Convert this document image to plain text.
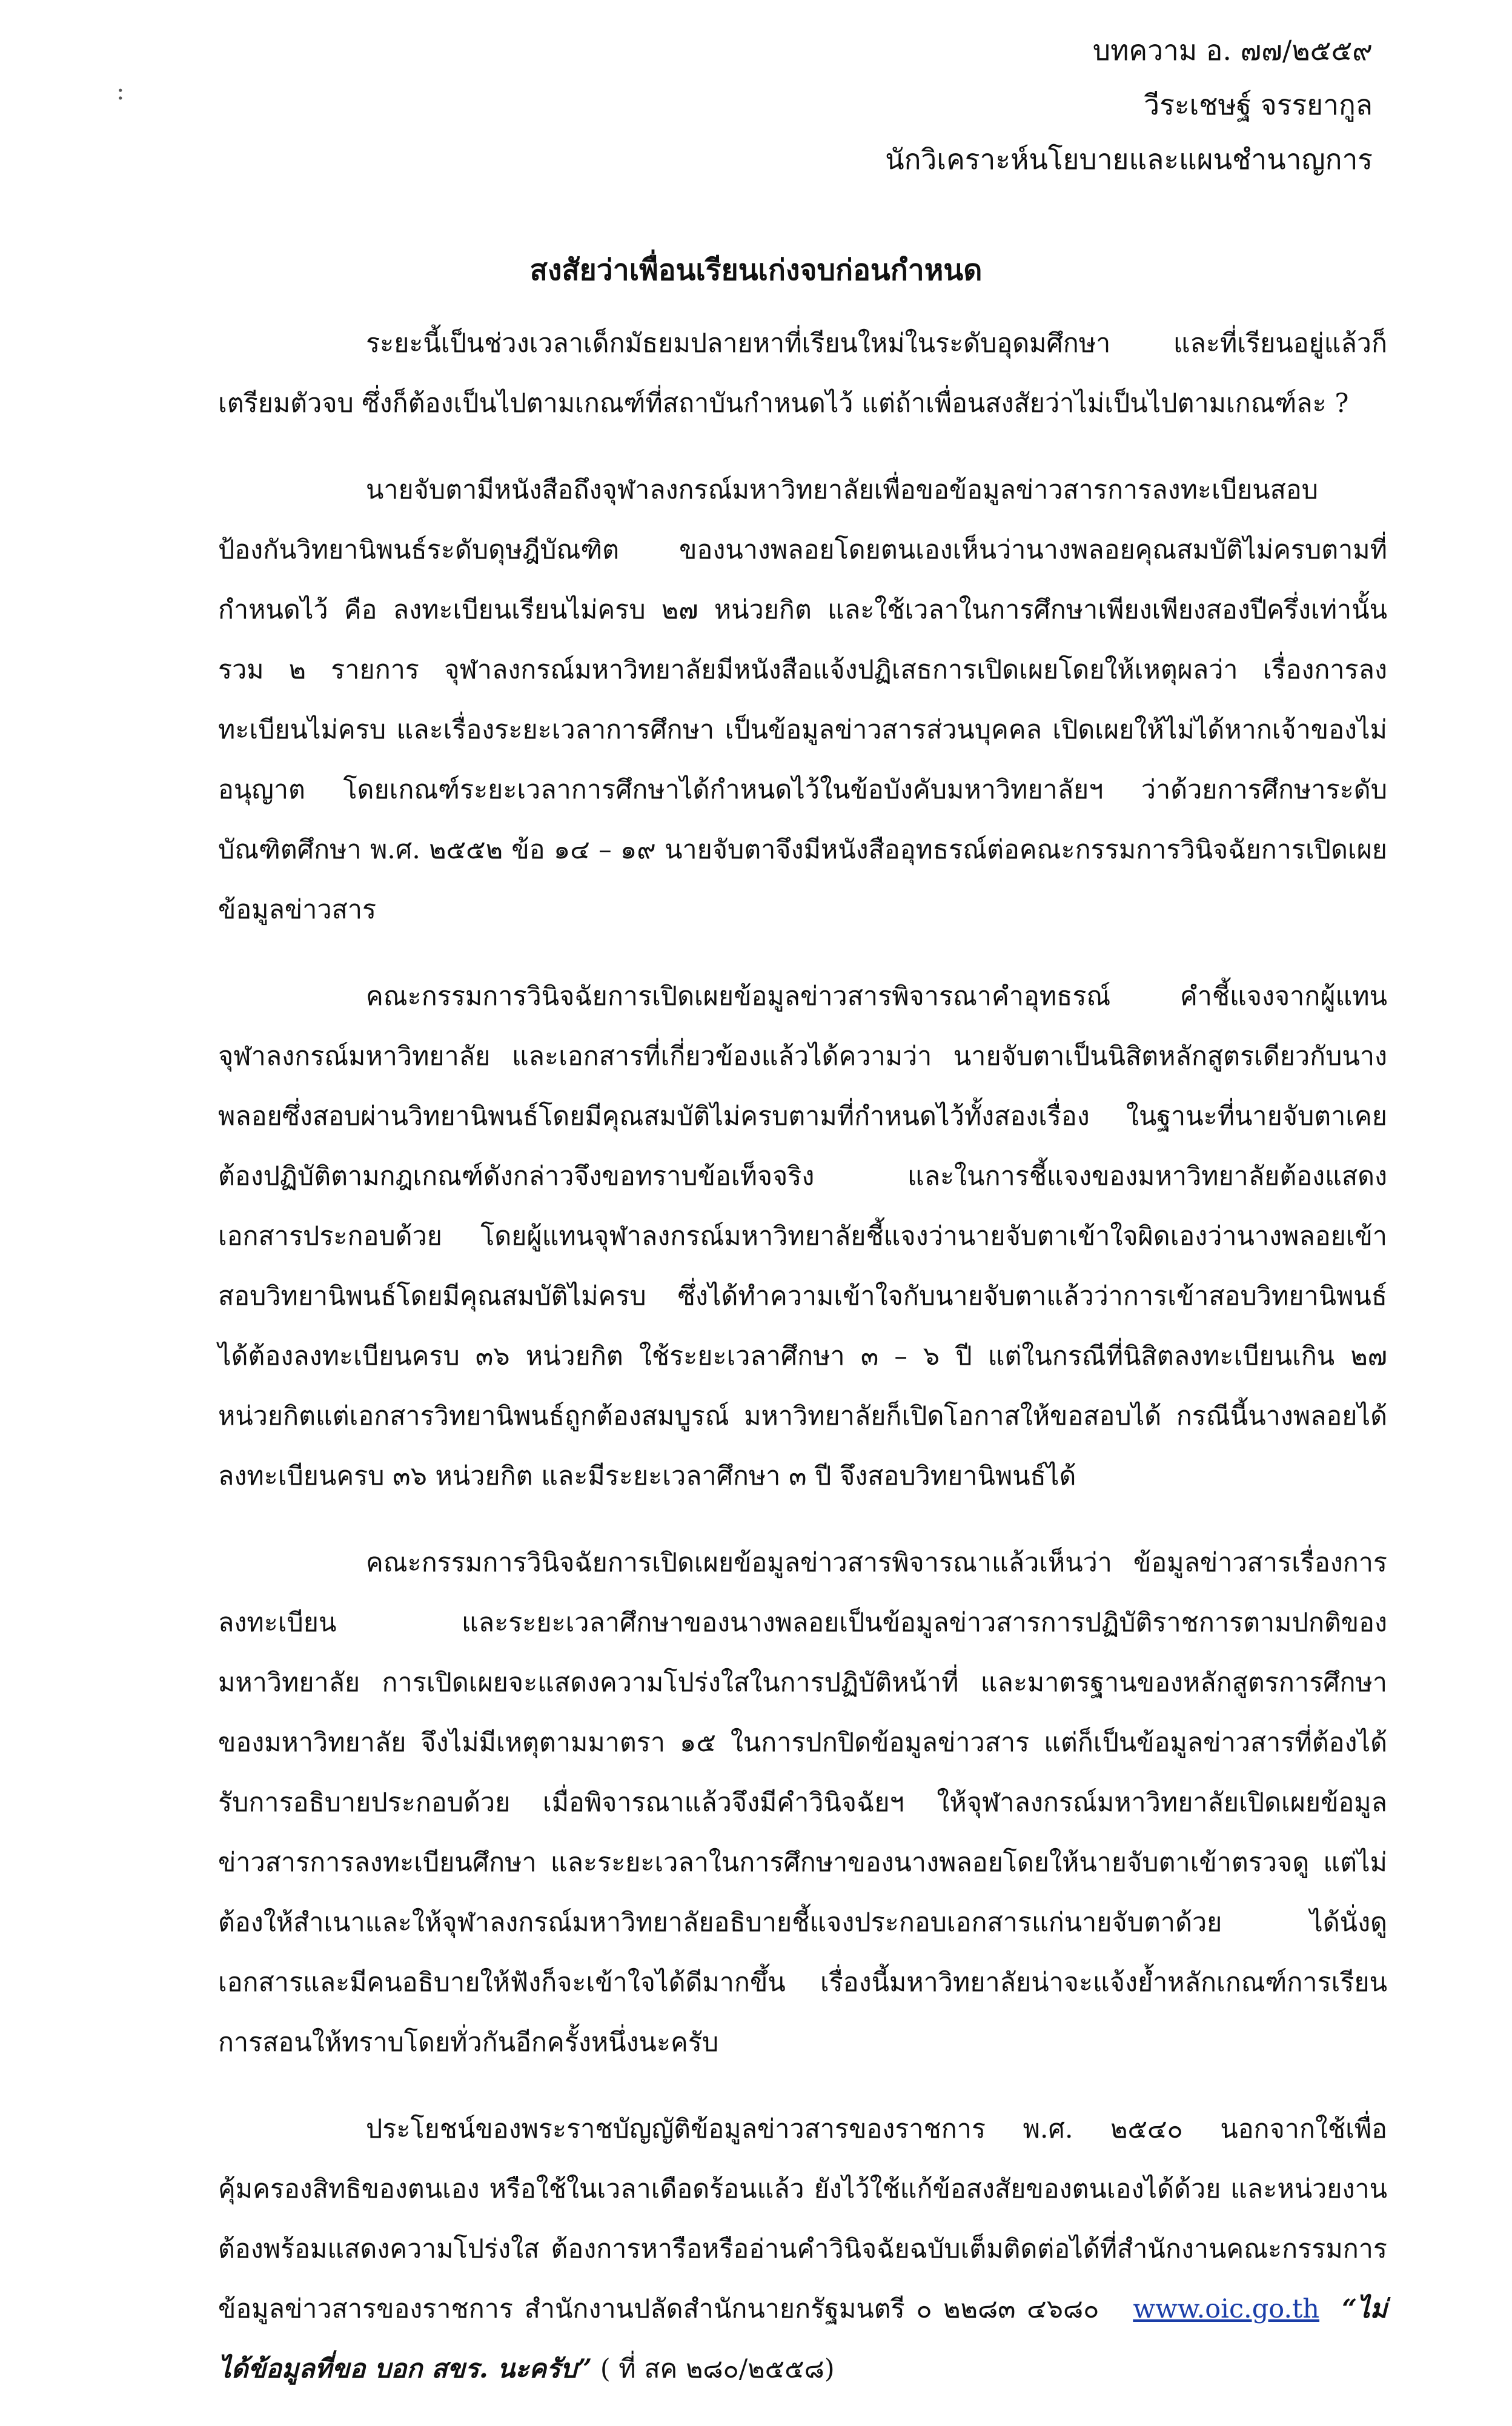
:
บทความ อ. ๗๗/๒๕๕๙
วีระเชษฐ์ จรรยากูล
นักวิเคราะห์นโยบายและแผนชำนาญการ
สงสัยว่าเพื่อนเรียนเก่งจบก่อนกำหนด

ระยะนี้เป็นช่วงเวลาเด็กมัธยมปลายหาที่เรียนใหม่ในระดับอุดมศึกษา และที่เรียนอยู่แล้วก็เตรียมตัวจบ ซึ่งก็ต้องเป็นไปตามเกณฑ์ที่สถาบันกำหนดไว้ แต่ถ้าเพื่อนสงสัยว่าไม่เป็นไปตามเกณฑ์ละ ?

นายจับตามีหนังสือถึงจุฬาลงกรณ์มหาวิทยาลัยเพื่อขอข้อมูลข่าวสารการลงทะเบียนสอบป้องกันวิทยานิพนธ์ระดับดุษฎีบัณฑิต ของนางพลอยโดยตนเองเห็นว่านางพลอยคุณสมบัติไม่ครบตามที่กำหนดไว้ คือ ลงทะเบียนเรียนไม่ครบ ๒๗ หน่วยกิต และใช้เวลาในการศึกษาเพียงเพียงสองปีครึ่งเท่านั้น รวม ๒ รายการ จุฬาลงกรณ์มหาวิทยาลัยมีหนังสือแจ้งปฏิเสธการเปิดเผยโดยให้เหตุผลว่า เรื่องการลงทะเบียนไม่ครบ และเรื่องระยะเวลาการศึกษา เป็นข้อมูลข่าวสารส่วนบุคคล เปิดเผยให้ไม่ได้หากเจ้าของไม่อนุญาต โดยเกณฑ์ระยะเวลาการศึกษาได้กำหนดไว้ในข้อบังคับมหาวิทยาลัยฯ ว่าด้วยการศึกษาระดับบัณฑิตศึกษา พ.ศ. ๒๕๕๒ ข้อ ๑๔ – ๑๙ นายจับตาจึงมีหนังสืออุทธรณ์ต่อคณะกรรมการวินิจฉัยการเปิดเผยข้อมูลข่าวสาร

คณะกรรมการวินิจฉัยการเปิดเผยข้อมูลข่าวสารพิจารณาคำอุทธรณ์ คำชี้แจงจากผู้แทนจุฬาลงกรณ์มหาวิทยาลัย และเอกสารที่เกี่ยวข้องแล้วได้ความว่า นายจับตาเป็นนิสิตหลักสูตรเดียวกับนางพลอยซึ่งสอบผ่านวิทยานิพนธ์โดยมีคุณสมบัติไม่ครบตามที่กำหนดไว้ทั้งสองเรื่อง ในฐานะที่นายจับตาเคยต้องปฏิบัติตามกฎเกณฑ์ดังกล่าวจึงขอทราบข้อเท็จจริง และในการชี้แจงของมหาวิทยาลัยต้องแสดงเอกสารประกอบด้วย โดยผู้แทนจุฬาลงกรณ์มหาวิทยาลัยชี้แจงว่านายจับตาเข้าใจผิดเองว่านางพลอยเข้าสอบวิทยานิพนธ์โดยมีคุณสมบัติไม่ครบ ซึ่งได้ทำความเข้าใจกับนายจับตาแล้วว่าการเข้าสอบวิทยานิพนธ์ได้ต้องลงทะเบียนครบ ๓๖ หน่วยกิต ใช้ระยะเวลาศึกษา ๓ – ๖ ปี แต่ในกรณีที่นิสิตลงทะเบียนเกิน ๒๗ หน่วยกิตแต่เอกสารวิทยานิพนธ์ถูกต้องสมบูรณ์ มหาวิทยาลัยก็เปิดโอกาสให้ขอสอบได้ กรณีนี้นางพลอยได้ลงทะเบียนครบ ๓๖ หน่วยกิต และมีระยะเวลาศึกษา ๓ ปี จึงสอบวิทยานิพนธ์ได้

คณะกรรมการวินิจฉัยการเปิดเผยข้อมูลข่าวสารพิจารณาแล้วเห็นว่า ข้อมูลข่าวสารเรื่องการลงทะเบียน และระยะเวลาศึกษาของนางพลอยเป็นข้อมูลข่าวสารการปฏิบัติราชการตามปกติของมหาวิทยาลัย การเปิดเผยจะแสดงความโปร่งใสในการปฏิบัติหน้าที่ และมาตรฐานของหลักสูตรการศึกษาของมหาวิทยาลัย จึงไม่มีเหตุตามมาตรา ๑๕ ในการปกปิดข้อมูลข่าวสาร แต่ก็เป็นข้อมูลข่าวสารที่ต้องได้รับการอธิบายประกอบด้วย เมื่อพิจารณาแล้วจึงมีคำวินิจฉัยฯ ให้จุฬาลงกรณ์มหาวิทยาลัยเปิดเผยข้อมูลข่าวสารการลงทะเบียนศึกษา และระยะเวลาในการศึกษาของนางพลอยโดยให้นายจับตาเข้าตรวจดู แต่ไม่ต้องให้สำเนาและให้จุฬาลงกรณ์มหาวิทยาลัยอธิบายชี้แจงประกอบเอกสารแก่นายจับตาด้วย ได้นั่งดูเอกสารและมีคนอธิบายให้ฟังก็จะเข้าใจได้ดีมากขึ้น เรื่องนี้มหาวิทยาลัยน่าจะแจ้งย้ำหลักเกณฑ์การเรียนการสอนให้ทราบโดยทั่วกันอีกครั้งหนึ่งนะครับ

ประโยชน์ของพระราชบัญญัติข้อมูลข่าวสารของราชการ พ.ศ. ๒๕๔๐ นอกจากใช้เพื่อคุ้มครองสิทธิของตนเอง หรือใช้ในเวลาเดือดร้อนแล้ว ยังไว้ใช้แก้ข้อสงสัยของตนเองได้ด้วย และหน่วยงานต้องพร้อมแสดงความโปร่งใส ต้องการหารือหรืออ่านคำวินิจฉัยฉบับเต็มติดต่อได้ที่สำนักงานคณะกรรมการข้อมูลข่าวสารของราชการ สำนักงานปลัดสำนักนายกรัฐมนตรี ๐ ๒๒๘๓ ๔๖๘๐ www.oic.go.th “ไม่ได้ข้อมูลที่ขอ บอก สขร. นะครับ” ( ที่ สค ๒๘๐/๒๕๕๘)
